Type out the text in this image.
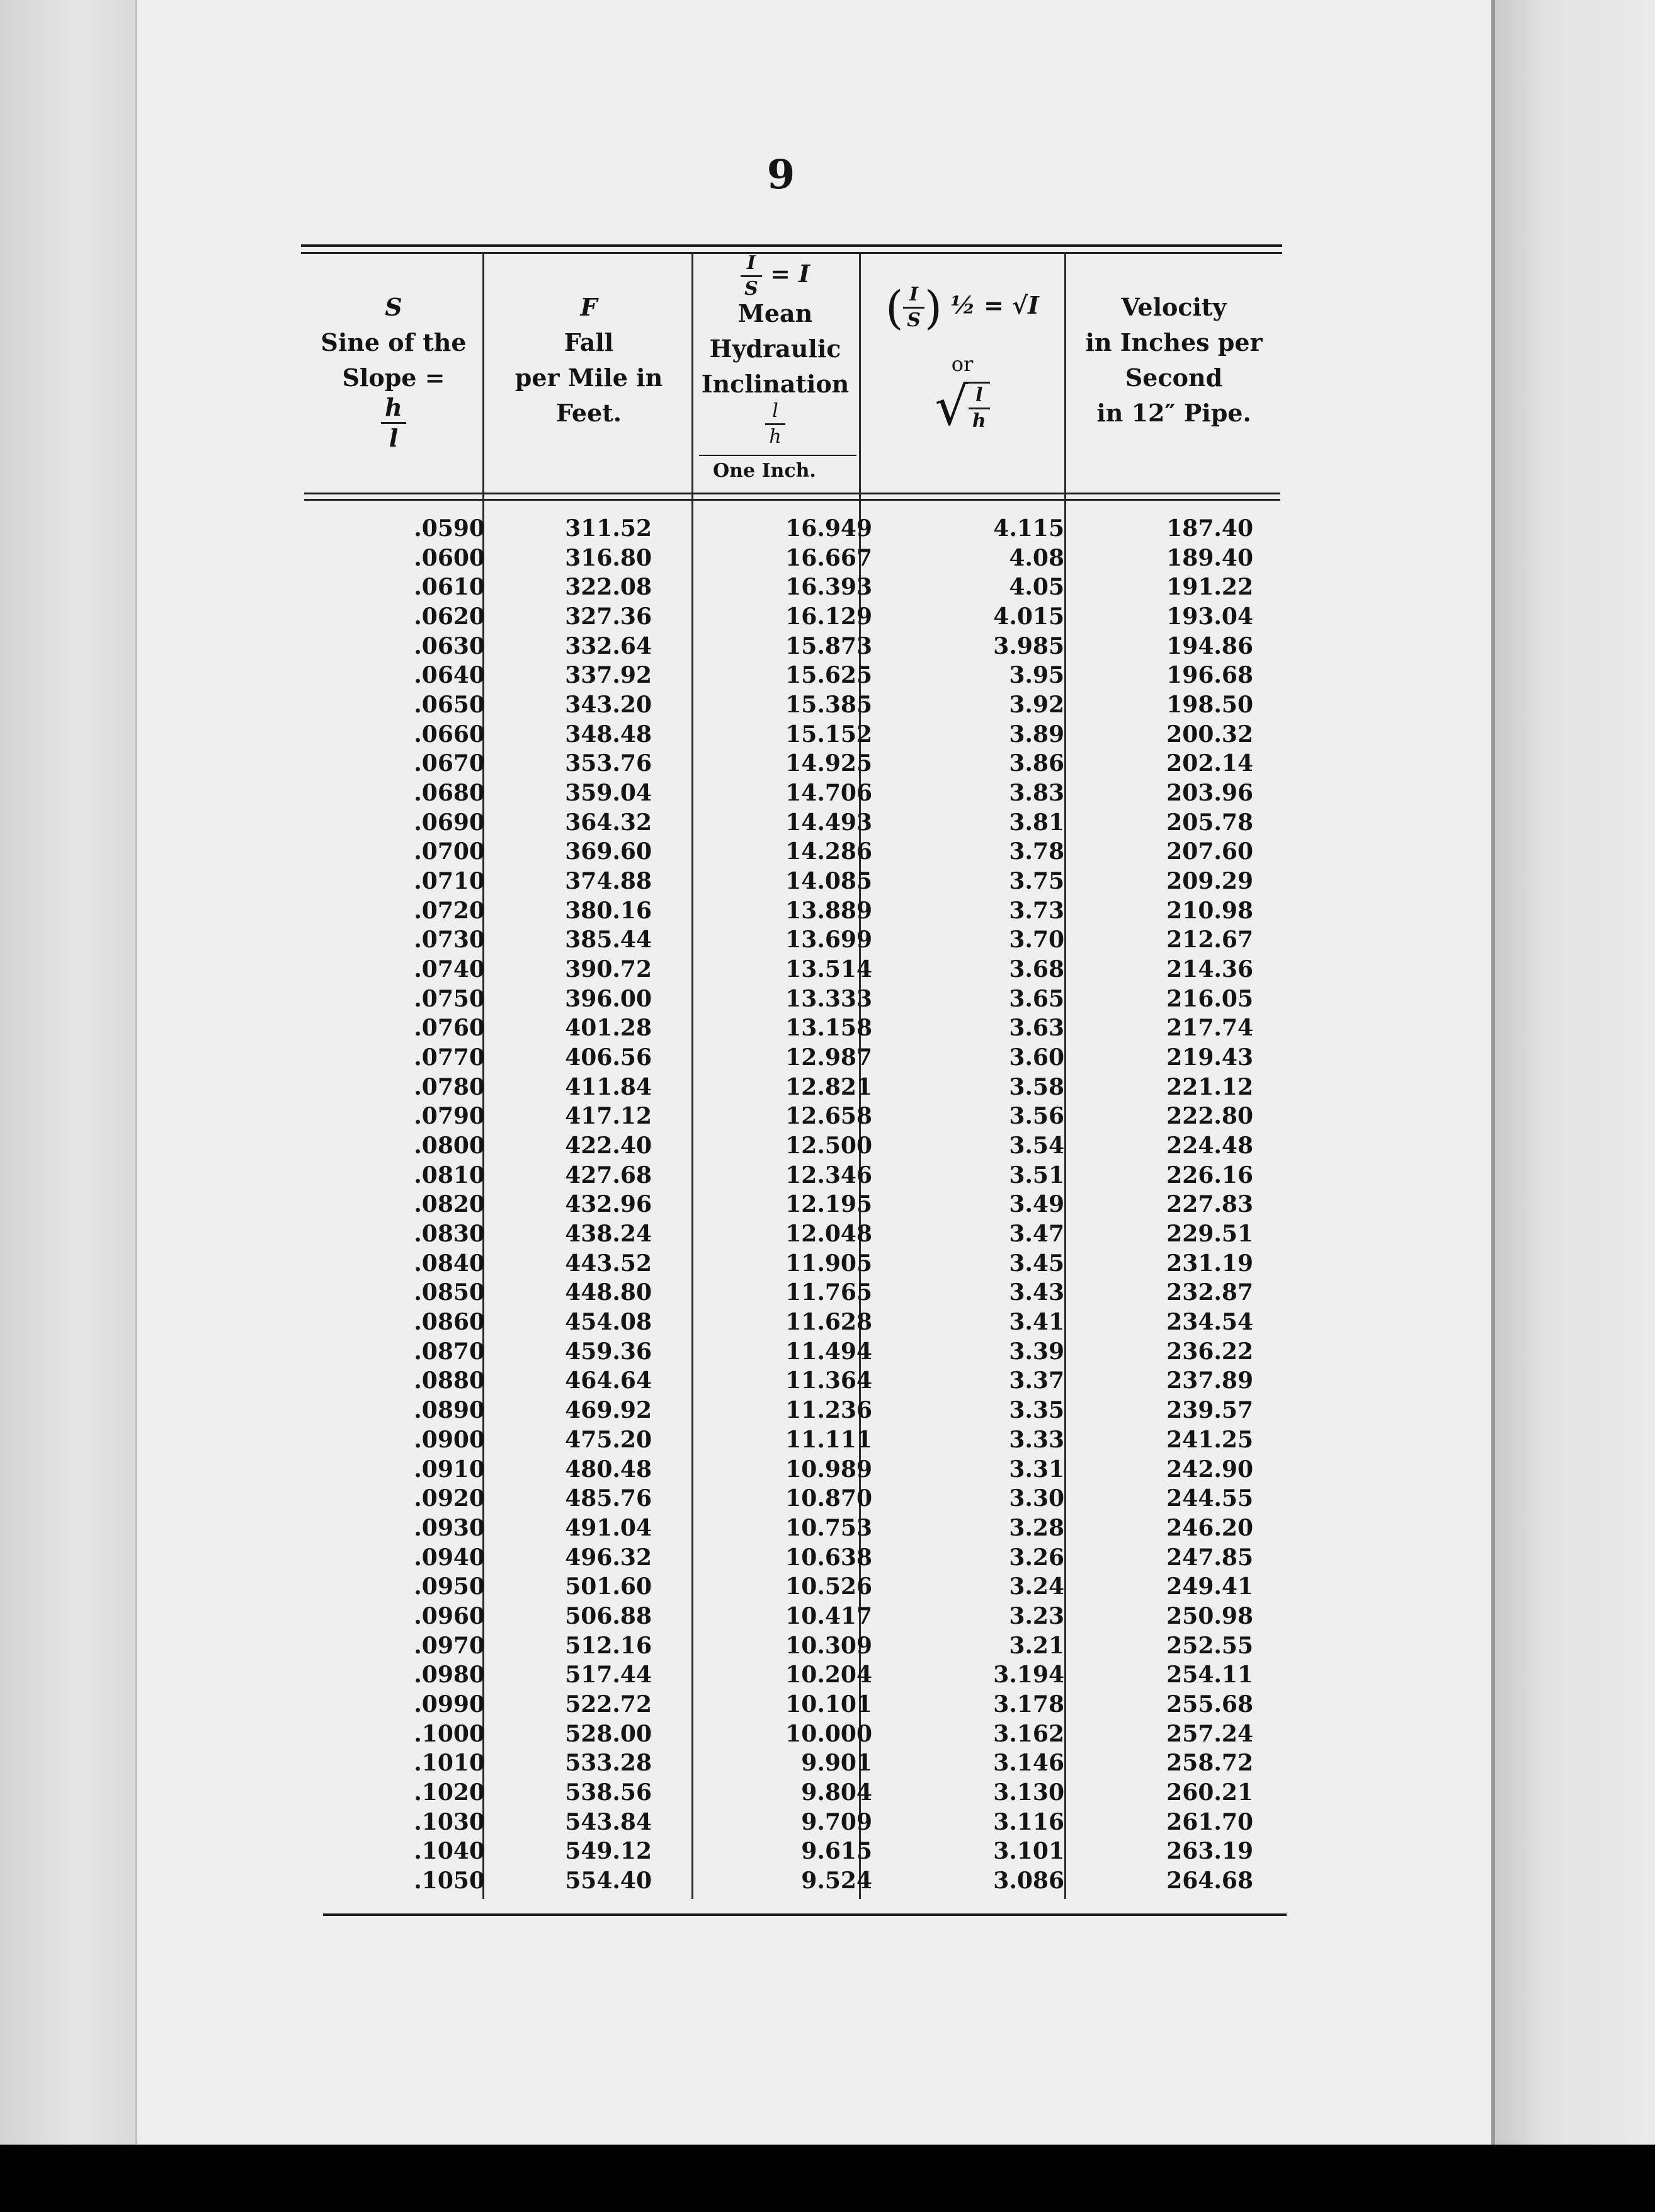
9
S
Sine of the
Slope =
$\frac{h}{l}$
F
Fall
per Mile in
Feet.
$\frac{I}{S} = I$
Mean
Hydraulic
Inclination
$\frac{l}{h}$
One Inch.
( $\frac{I}{S}$ ) ½ = √I
or
√ $\frac{l}{h}$
Velocity
in Inches per
Second
in 12″ Pipe.
.0590
.0600
.0610
.0620
.0630
.0640
.0650
.0660
.0670
.0680
.0690
.0700
.0710
.0720
.0730
.0740
.0750
.0760
.0770
.0780
.0790
.0800
.0810
.0820
.0830
.0840
.0850
.0860
.0870
.0880
.0890
.0900
.0910
.0920
.0930
.0940
.0950
.0960
.0970
.0980
.0990
.1000
.1010
.1020
.1030
.1040
.1050
311.52
316.80
322.08
327.36
332.64
337.92
343.20
348.48
353.76
359.04
364.32
369.60
374.88
380.16
385.44
390.72
396.00
401.28
406.56
411.84
417.12
422.40
427.68
432.96
438.24
443.52
448.80
454.08
459.36
464.64
469.92
475.20
480.48
485.76
491.04
496.32
501.60
506.88
512.16
517.44
522.72
528.00
533.28
538.56
543.84
549.12
554.40
16.949
16.667
16.393
16.129
15.873
15.625
15.385
15.152
14.925
14.706
14.493
14.286
14.085
13.889
13.699
13.514
13.333
13.158
12.987
12.821
12.658
12.500
12.346
12.195
12.048
11.905
11.765
11.628
11.494
11.364
11.236
11.111
10.989
10.870
10.753
10.638
10.526
10.417
10.309
10.204
10.101
10.000
9.901
9.804
9.709
9.615
9.524
4.115
4.08
4.05
4.015
3.985
3.95
3.92
3.89
3.86
3.83
3.81
3.78
3.75
3.73
3.70
3.68
3.65
3.63
3.60
3.58
3.56
3.54
3.51
3.49
3.47
3.45
3.43
3.41
3.39
3.37
3.35
3.33
3.31
3.30
3.28
3.26
3.24
3.23
3.21
3.194
3.178
3.162
3.146
3.130
3.116
3.101
3.086
187.40
189.40
191.22
193.04
194.86
196.68
198.50
200.32
202.14
203.96
205.78
207.60
209.29
210.98
212.67
214.36
216.05
217.74
219.43
221.12
222.80
224.48
226.16
227.83
229.51
231.19
232.87
234.54
236.22
237.89
239.57
241.25
242.90
244.55
246.20
247.85
249.41
250.98
252.55
254.11
255.68
257.24
258.72
260.21
261.70
263.19
264.68
